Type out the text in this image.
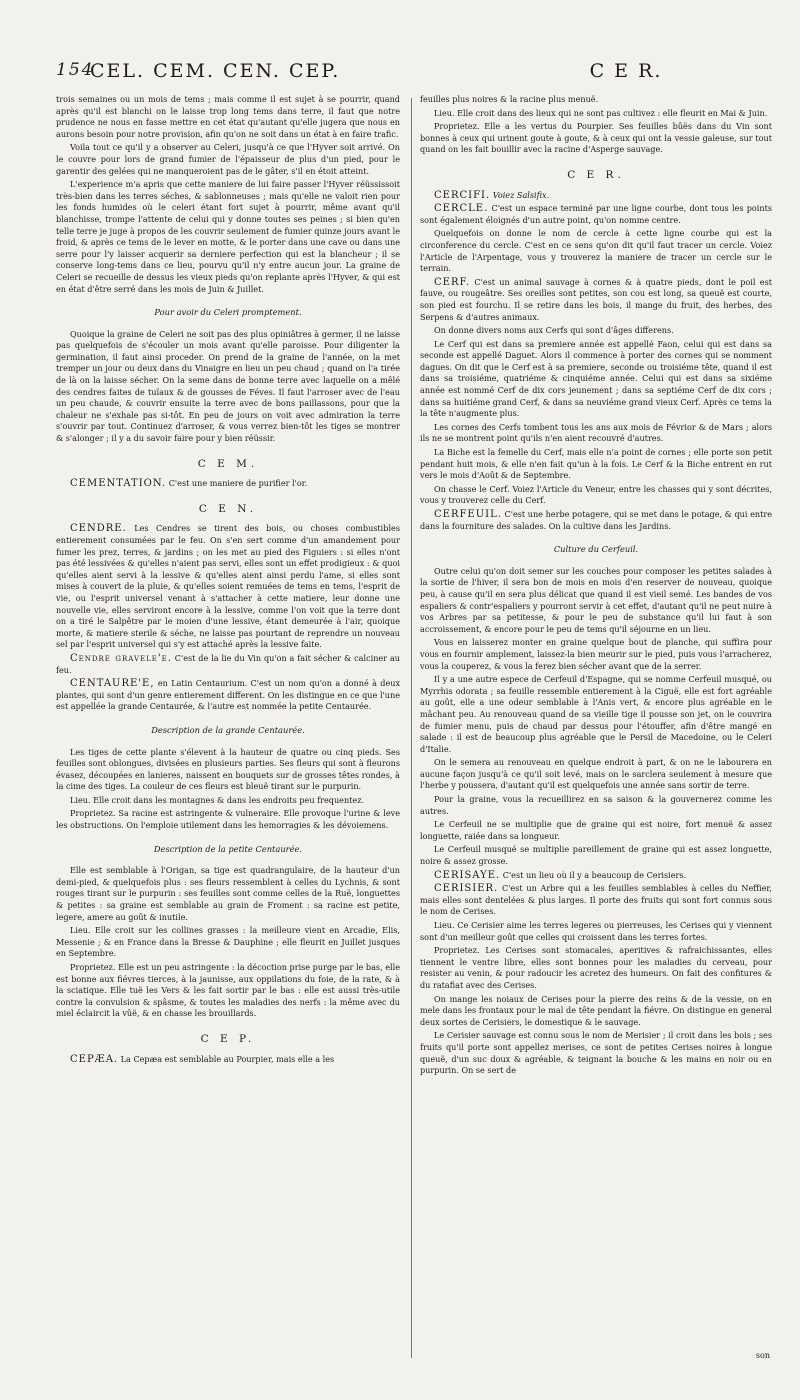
154
CEL. CEM. CEN. CEP.	C E R.

trois semaines ou un mois de tems ; mais comme il est sujet à se pourrir, quand après qu'il est blanchi on le laisse trop long tems dans terre, il faut que notre prudence ne nous en fasse mettre en cet état qu'autant qu'elle jugera que nous en aurons besoin pour notre provision, afin qu'on ne soit dans un état à en faire trafic.

Voila tout ce qu'il y a observer au Celeri, jusqu'à ce que l'Hyver soit arrivé. On le couvre pour lors de grand fumier de l'épaisseur de plus d'un pied, pour le garentir des gelées qui ne manqueroient pas de le gâter, s'il en étoit atteint.

L'experience m'a apris que cette maniere de lui faire passer l'Hyver réüssissoit très-bien dans les terres séches, & sablonneuses ; mais qu'elle ne valoit rien pour les fonds humides où le celeri étant fort sujet à pourrir, même avant qu'il blanchisse, trompe l'attente de celui qui y donne toutes ses peines ; si bien qu'en telle terre je juge à propos de les couvrir seulement de fumier quinze jours avant le froid, & après ce tems de le lever en motte, & le porter dans une cave ou dans une serre pour l'y laisser acquerir sa derniere perfection qui est la blancheur ; il se conserve long-tems dans ce lieu, pourvu qu'il n'y entre aucun jour. La graine de Celeri se recueille de dessus les vieux pieds qu'on replante après l'Hyver, & qui est en état d'être serré dans les mois de Juin & Juillet.

Pour avoir du Celeri promptement.

Quoique la graine de Celeri ne soit pas des plus opiniâtres à germer, il ne laisse pas quelquefois de s'écouler un mois avant qu'elle paroisse. Pour diligenter la germination, il faut ainsi proceder. On prend de la graine de l'année, on la met tremper un jour ou deux dans du Vinaigre en lieu un peu chaud ; quand on l'a tirée de là on la laisse sécher. On la seme dans de bonne terre avec laquelle on a mêlé des cendres faites de tuïaux & de gousses de Féves. Il faut l'arroser avec de l'eau un peu chaude, & couvrir ensuite la terre avec de bons paillassons, pour que la chaleur ne s'exhale pas si-tôt. En peu de jours on voit avec admiration la terre s'ouvrir par tout. Continuez d'arroser, & vous verrez bien-tôt les tiges se montrer & s'alonger ; il y a du savoir faire pour y bien réüssir.

C E M.

CEMENTATION. C'est une maniere de purifier l'or.

C E N.

CENDRE. Les Cendres se tirent des bois, ou choses combustibles entierement consumées par le feu. On s'en sert comme d'un amandement pour fumer les prez, terres, & jardins ; on les met au pied des Figuiers : si elles n'ont pas été lessivées & qu'elles n'aient pas servi, elles sont un effet prodigieux : & quoi qu'elles aient servi à la lessive & qu'elles aient ainsi perdu l'ame, si elles sont mises à couvert de la pluie, & qu'elles soient remuées de tems en tems, l'esprit de vie, ou l'esprit universel venant à s'attacher à cette matiere, leur donne une nouvelle vie, elles serviront encore à la lessive, comme l'on voit que la terre dont on a tiré le Salpêtre par le moien d'une lessive, étant demeurée à l'air, quoique morte, & matiere sterile & séche, ne laisse pas pourtant de reprendre un nouveau sel par l'esprit universel qui s'y est attaché après la lessive faite.

Cendre gravele'e. C'est de la lie du Vin qu'on a fait sécher & calciner au feu.

CENTAURE'E, en Latin Centaurium. C'est un nom qu'on a donné à deux plantes, qui sont d'un genre entierement different. On les distingue en ce que l'une est appellée la grande Centaurée, & l'autre est nommée la petite Centaurée.

Description de la grande Centaurée.

Les tiges de cette plante s'élevent à la hauteur de quatre ou cinq pieds. Ses feuilles sont oblongues, divisées en plusieurs parties. Ses fleurs qui sont à fleurons évasez, découpées en lanieres, naissent en bouquets sur de grosses têtes rondes, à la cime des tiges. La couleur de ces fleurs est bleuë tirant sur le purpurin.

Lieu. Elle croit dans les montagnes & dans les endroits peu frequentez.

Proprietez. Sa racine est astringente & vulneraire. Elle provoque l'urine & leve les obstructions. On l'emploie utilement dans les hemorragies & les dévoiemens.

Description de la petite Centaurée.

Elle est semblable à l'Origan, sa tige est quadrangulaire, de la hauteur d'un demi-pied, & quelquefois plus : ses fleurs ressemblent à celles du Lychnis, & sont rouges tirant sur le purpurin : ses feuilles sont comme celles de la Ruë, longuettes & petites : sa graine est semblable au grain de Froment : sa racine est petite, legere, amere au goût & inutile.

Lieu. Elle croit sur les collines grasses : la meilleure vient en Arcadie, Elis, Messenie ; & en France dans la Bresse & Dauphine ; elle fleurit en Juillet jusques en Septembre.

Proprietez. Elle est un peu astringente : la décoction prise purge par le bas, elle est bonne aux fiévres tierces, à la jaunisse, aux oppilations du foie, de la rate, & à la sciatique. Elle tuë les Vers & les fait sortir par le bas : elle est aussi très-utile contre la convulsion & spâsme, & toutes les maladies des nerfs : la même avec du miel éclaircit la vûë, & en chasse les brouillards.

C E P.

CEPÆA. La Cepæa est semblable au Pourpier, mais elle a les

feuilles plus noires & la racine plus menuë.

Lieu. Elle croit dans des lieux qui ne sont pas cultivez : elle fleurit en Mai & Juin.

Proprietez. Elle a les vertus du Pourpier. Ses feuilles bûës dans du Vin sont bonnes à ceux qui urinent goute à goute, & à ceux qui ont la vessie galeuse, sur tout quand on les fait bouillir avec la racine d'Asperge sauvage.

C E R.

CERCIFI. Voiez Salsifix.

CERCLE. C'est un espace terminé par une ligne courbe, dont tous les points sont également éloignés d'un autre point, qu'on nomme centre.

Quelquefois on donne le nom de cercle à cette ligne courbe qui est la circonference du cercle. C'est en ce sens qu'on dit qu'il faut tracer un cercle. Voiez l'Article de l'Arpentage, vous y trouverez la maniere de tracer un cercle sur le terrain.

CERF. C'est un animal sauvage à cornes & à quatre pieds, dont le poil est fauve, ou rougeâtre. Ses oreilles sont petites, son cou est long, sa queuë est courte, son pied est fourchu. Il se retire dans les bois, il mange du fruit, des herbes, des Serpens & d'autres animaux.

On donne divers noms aux Cerfs qui sont d'âges differens.

Le Cerf qui est dans sa premiere année est appellé Faon, celui qui est dans sa seconde est appellé Daguet. Alors il commence à porter des cornes qui se nomment dagues. On dit que le Cerf est à sa premiere, seconde ou troisiéme tête, quand il est dans sa troisiéme, quatriéme & cinquiéme année. Celui qui est dans sa sixiéme année est nommé Cerf de dix cors jeunement ; dans sa septiéme Cerf de dix cors ; dans sa huitiéme grand Cerf, & dans sa neuviéme grand vieux Cerf. Après ce tems la la tête n'augmente plus.

Les cornes des Cerfs tombent tous les ans aux mois de Févrior & de Mars ; alors ils ne se montrent point qu'ils n'en aient recouvré d'autres.

La Biche est la femelle du Cerf, mais elle n'a point de cornes ; elle porte son petit pendant huit mois, & elle n'en fait qu'un à la fois. Le Cerf & la Biche entrent en rut vers le mois d'Août & de Septembre.

On chasse le Cerf. Voiez l'Article du Veneur, entre les chasses qui y sont décrites, vous y trouverez celle du Cerf.

CERFEUIL. C'est une herbe potagere, qui se met dans le potage, & qui entre dans la fourniture des salades. On la cultive dans les Jardins.

Culture du Cerfeuil.

Outre celui qu'on doit semer sur les couches pour composer les petites salades à la sortie de l'hiver, il sera bon de mois en mois d'en reserver de nouveau, quoique peu, à cause qu'il en sera plus délicat que quand il est vieil semé. Les bandes de vos espaliers & contr'espaliers y pourront servir à cet effet, d'autant qu'il ne peut nuire à vos Arbres par sa petitesse, & pour le peu de substance qu'il lui faut à son accroissement, & encore pour le peu de tems qu'il séjourne en un lieu.

Vous en laisserez monter en graine quelque bout de planche, qui suffira pour vous en fournir amplement, laissez-la bien meurir sur le pied, puis vous l'arracherez, vous la couperez, & vous la ferez bien sécher avant que de la serrer.

Il y a une autre espece de Cerfeuil d'Espagne, qui se nomme Cerfeuil musqué, ou Myrrhis odorata ; sa feuille ressemble entierement à la Ciguë, elle est fort agréable au goût, elle a une odeur semblable à l'Anis vert, & encore plus agréable en le mâchant peu. Au renouveau quand de sa vieille tige il pousse son jet, on le couvrira de fumier menu, puis de chaud par dessus pour l'étouffer, afin d'être mangé en salade : il est de beaucoup plus agréable que le Persil de Macedoine, ou le Celeri d'Italie.

On le semera au renouveau en quelque endroit à part, & on ne le labourera en aucune façon jusqu'à ce qu'il soit levé, mais on le sarclera seulement à mesure que l'herbe y poussera, d'autant qu'il est quelquefois une année sans sortir de terre.

Pour la graine, vous la recueillirez en sa saison & la gouvernerez comme les autres.

Le Cerfeuil ne se multiplie que de graine qui est noire, fort menuë & assez longuette, raiée dans sa longueur.

Le Cerfeuil musqué se multiplie pareillement de graine qui est assez longuette, noire & assez grosse.

CERISAYE. C'est un lieu où il y a beaucoup de Cerisiers.

CERISIER. C'est un Arbre qui a les feuilles semblables à celles du Neffier, mais elles sont dentelées & plus larges. Il porte des fruits qui sont fort connus sous le nom de Cerises.

Lieu. Ce Cerisier aime les terres legeres ou pierreuses, les Cerises qui y viennent sont d'un meilleur goût que celles qui croissent dans les terres fortes.

Proprietez. Les Cerises sont stomacales, aperitives & rafraichissantes, elles tiennent le ventre libre, elles sont bonnes pour les maladies du cerveau, pour resister au venin, & pour radoucir les acretez des humeurs. On fait des confitures & du ratafiat avec des Cerises.

On mange les noiaux de Cerises pour la pierre des reins & de la vessie, on en mele dans les frontaux pour le mal de tête pendant la fiévre. On distingue en general deux sortes de Cerisiers, le domestique & le sauvage.

Le Cerisier sauvage est connu sous le nom de Merisier ; il croit dans les bois ; ses fruits qu'il porte sont appellez merises, ce sont de petites Cerises noires à longue queuë, d'un suc doux & agréable, & teignant la bouche & les mains en noir ou en purpurin. On se sert de

son
